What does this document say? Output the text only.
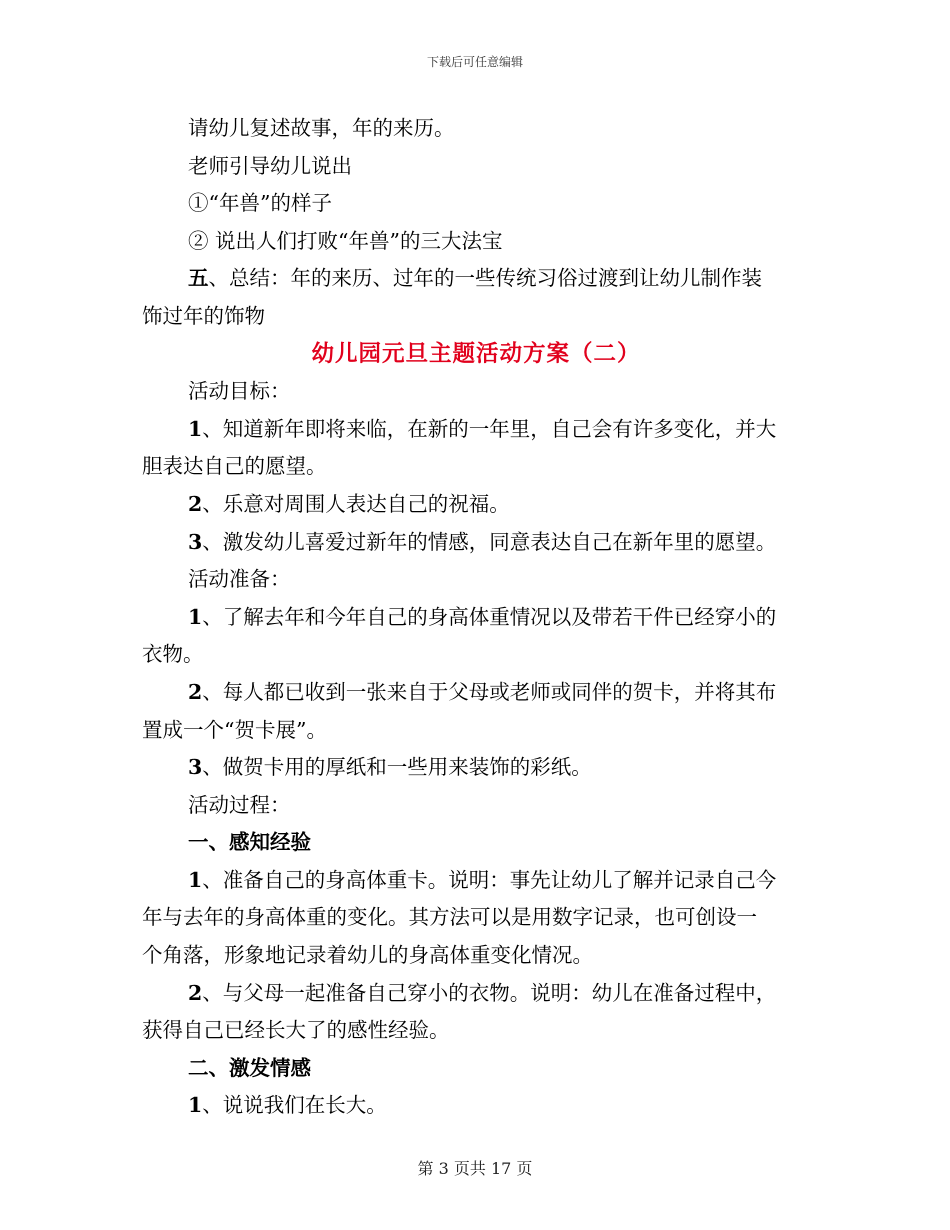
下载后可任意编辑
请幼儿复述故事，年的来历。
老师引导幼儿说出
①“年兽”的样子
② 说出人们打败“年兽”的三大法宝
五、总结：年的来历、过年的一些传统习俗过渡到让幼儿制作装
饰过年的饰物
幼儿园元旦主题活动方案（二）
活动目标：
1、知道新年即将来临，在新的一年里，自己会有许多变化，并大
胆表达自己的愿望。
2、乐意对周围人表达自己的祝福。
3、激发幼儿喜爱过新年的情感，同意表达自己在新年里的愿望。
活动准备：
1、了解去年和今年自己的身高体重情况以及带若干件已经穿小的
衣物。
2、每人都已收到一张来自于父母或老师或同伴的贺卡，并将其布
置成一个“贺卡展”。
3、做贺卡用的厚纸和一些用来装饰的彩纸。
活动过程：
一、感知经验
1、准备自己的身高体重卡。说明：事先让幼儿了解并记录自己今
年与去年的身高体重的变化。其方法可以是用数字记录，也可创设一
个角落，形象地记录着幼儿的身高体重变化情况。
2、与父母一起准备自己穿小的衣物。说明：幼儿在准备过程中，
获得自己已经长大了的感性经验。
二、激发情感
1、说说我们在长大。
第 3 页共 17 页
